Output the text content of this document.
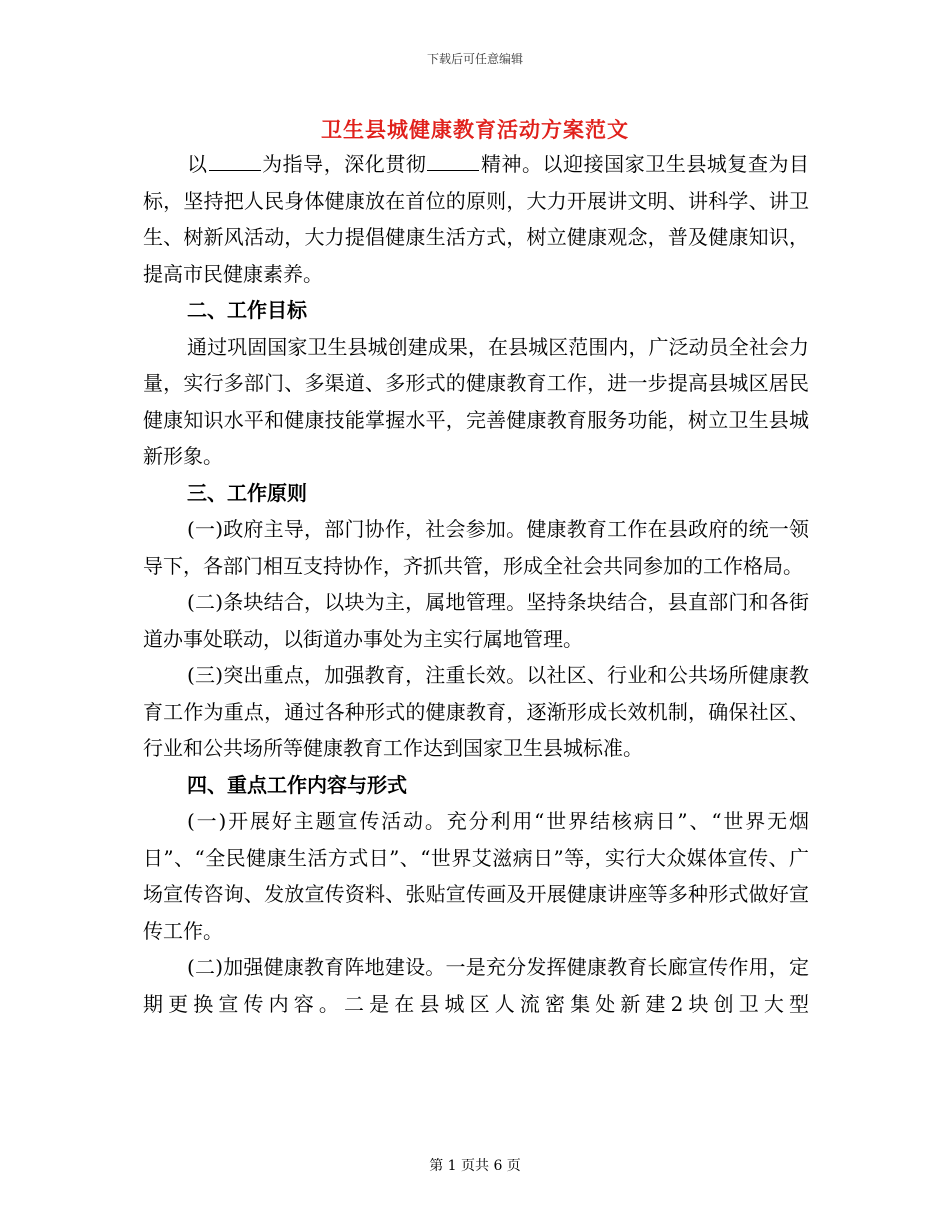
下载后可任意编辑
卫生县城健康教育活动方案范文

以	为指导，深化贯彻	精神。以迎接国家卫生县城复查为目标，坚持把人民身体健康放在首位的原则，大力开展讲文明、讲科学、讲卫生、树新风活动，大力提倡健康生活方式，树立健康观念，普及健康知识，提高市民健康素养。

二、工作目标

通过巩固国家卫生县城创建成果，在县城区范围内，广泛动员全社会力量，实行多部门、多渠道、多形式的健康教育工作，进一步提高县城区居民健康知识水平和健康技能掌握水平，完善健康教育服务功能，树立卫生县城新形象。

三、工作原则

(一)政府主导，部门协作，社会参加。健康教育工作在县政府的统一领导下，各部门相互支持协作，齐抓共管，形成全社会共同参加的工作格局。

(二)条块结合，以块为主，属地管理。坚持条块结合，县直部门和各街道办事处联动，以街道办事处为主实行属地管理。

(三)突出重点，加强教育，注重长效。以社区、行业和公共场所健康教育工作为重点，通过各种形式的健康教育，逐渐形成长效机制，确保社区、行业和公共场所等健康教育工作达到国家卫生县城标准。

四、重点工作内容与形式

(一)开展好主题宣传活动。充分利用“世界结核病日”、“世界无烟日”、“全民健康生活方式日”、“世界艾滋病日”等，实行大众媒体宣传、广场宣传咨询、发放宣传资料、张贴宣传画及开展健康讲座等多种形式做好宣传工作。

(二)加强健康教育阵地建设。一是充分发挥健康教育长廊宣传作用，定期更换宣传内容。二是在县城区人流密集处新建2块创卫大型

第 1 页共 6 页
